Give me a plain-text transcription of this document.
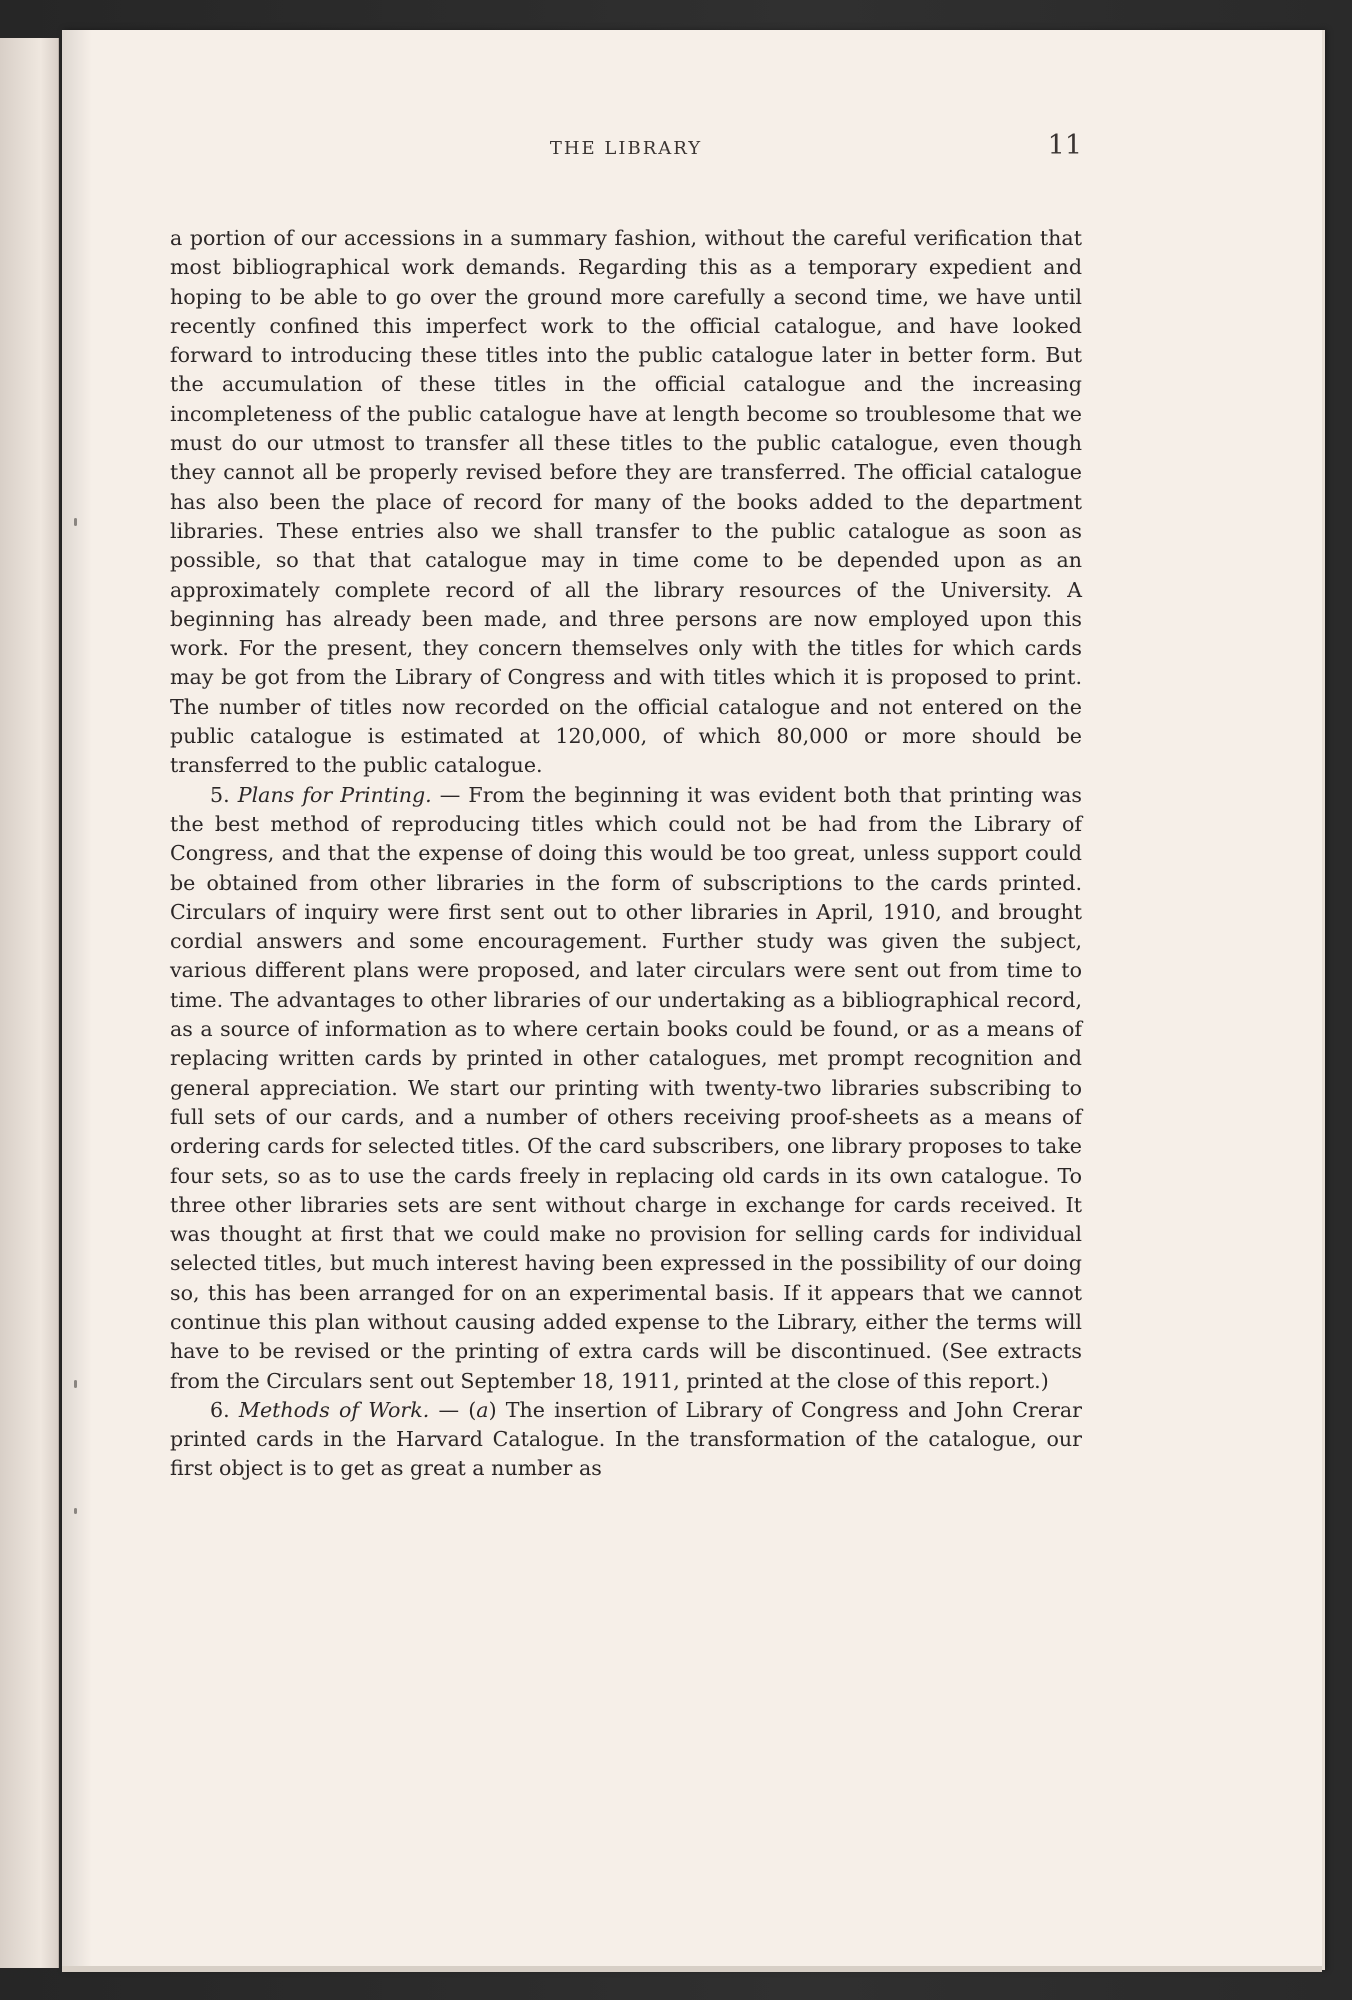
THE LIBRARY	11

a portion of our accessions in a summary fashion, without the careful verification that most bibliographical work demands. Regarding this as a temporary expedient and hoping to be able to go over the ground more carefully a second time, we have until recently confined this imperfect work to the official catalogue, and have looked forward to introducing these titles into the public catalogue later in better form. But the accumulation of these titles in the official catalogue and the increasing incompleteness of the public catalogue have at length become so troublesome that we must do our utmost to transfer all these titles to the public catalogue, even though they cannot all be properly revised before they are transferred. The official catalogue has also been the place of record for many of the books added to the department libraries. These entries also we shall transfer to the public catalogue as soon as possible, so that that catalogue may in time come to be depended upon as an approximately complete record of all the library resources of the University. A beginning has already been made, and three persons are now employed upon this work. For the present, they concern themselves only with the titles for which cards may be got from the Library of Congress and with titles which it is proposed to print. The number of titles now recorded on the official catalogue and not entered on the public catalogue is estimated at 120,000, of which 80,000 or more should be transferred to the public catalogue.

5. Plans for Printing. — From the beginning it was evident both that printing was the best method of reproducing titles which could not be had from the Library of Congress, and that the expense of doing this would be too great, unless support could be obtained from other libraries in the form of subscriptions to the cards printed. Circulars of inquiry were first sent out to other libraries in April, 1910, and brought cordial answers and some encouragement. Further study was given the subject, various different plans were proposed, and later circulars were sent out from time to time. The advantages to other libraries of our undertaking as a bibliographical record, as a source of information as to where certain books could be found, or as a means of replacing written cards by printed in other catalogues, met prompt recognition and general appreciation. We start our printing with twenty-two libraries subscribing to full sets of our cards, and a number of others receiving proof-sheets as a means of ordering cards for selected titles. Of the card subscribers, one library proposes to take four sets, so as to use the cards freely in replacing old cards in its own catalogue. To three other libraries sets are sent without charge in exchange for cards received. It was thought at first that we could make no provision for selling cards for individual selected titles, but much interest having been expressed in the possibility of our doing so, this has been arranged for on an experimental basis. If it appears that we cannot continue this plan without causing added expense to the Library, either the terms will have to be revised or the printing of extra cards will be discontinued. (See extracts from the Circulars sent out September 18, 1911, printed at the close of this report.)

6. Methods of Work. — (a) The insertion of Library of Congress and John Crerar printed cards in the Harvard Catalogue. In the transformation of the catalogue, our first object is to get as great a number as
